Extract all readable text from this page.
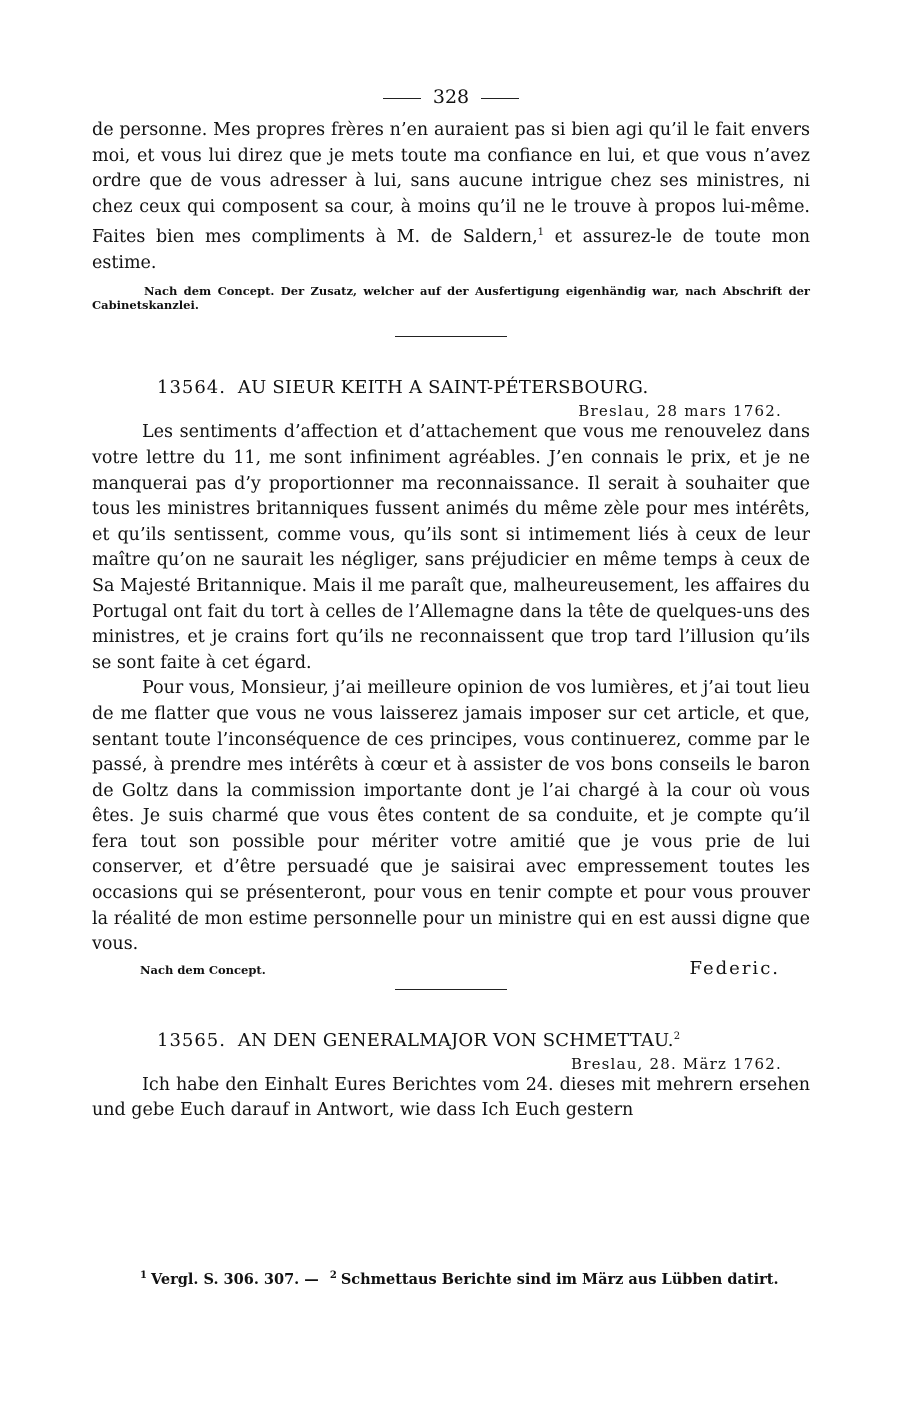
328

de personne. Mes propres frères n’en auraient pas si bien agi qu’il le fait envers moi, et vous lui direz que je mets toute ma confiance en lui, et que vous n’avez ordre que de vous adresser à lui, sans aucune intrigue chez ses ministres, ni chez ceux qui composent sa cour, à moins qu’il ne le trouve à propos lui-même. Faites bien mes compliments à M. de Saldern,$^1$ et assurez-le de toute mon estime.

Nach dem Concept. Der Zusatz, welcher auf der Ausfertigung eigenhändig war, nach Abschrift der Cabinetskanzlei.

13564. AU SIEUR KEITH A SAINT-PÉTERSBOURG.
Breslau, 28 mars 1762.

Les sentiments d’affection et d’attachement que vous me renouvelez dans votre lettre du 11, me sont infiniment agréables. J’en connais le prix, et je ne manquerai pas d’y proportionner ma reconnaissance. Il serait à souhaiter que tous les ministres britanniques fussent animés du même zèle pour mes intérêts, et qu’ils sentissent, comme vous, qu’ils sont si intimement liés à ceux de leur maître qu’on ne saurait les négliger, sans préjudicier en même temps à ceux de Sa Majesté Britannique. Mais il me paraît que, malheureusement, les affaires du Portugal ont fait du tort à celles de l’Allemagne dans la tête de quelques-uns des ministres, et je crains fort qu’ils ne reconnaissent que trop tard l’illusion qu’ils se sont faite à cet égard.

Pour vous, Monsieur, j’ai meilleure opinion de vos lumières, et j’ai tout lieu de me flatter que vous ne vous laisserez jamais imposer sur cet article, et que, sentant toute l’inconséquence de ces principes, vous continuerez, comme par le passé, à prendre mes intérêts à cœur et à assister de vos bons conseils le baron de Goltz dans la commission importante dont je l’ai chargé à la cour où vous êtes. Je suis charmé que vous êtes content de sa conduite, et je compte qu’il fera tout son possible pour mériter votre amitié que je vous prie de lui conserver, et d’être persuadé que je saisirai avec empressement toutes les occasions qui se présenteront, pour vous en tenir compte et pour vous prouver la réalité de mon estime personnelle pour un ministre qui en est aussi digne que vous.

Nach dem Concept.	Federic.
13565. AN DEN GENERALMAJOR VON SCHMETTAU.$^2$
Breslau, 28. März 1762.

Ich habe den Einhalt Eures Berichtes vom 24. dieses mit mehrern ersehen und gebe Euch darauf in Antwort, wie dass Ich Euch gestern

$^1$ Vergl. S. 306. 307. — $^2$ Schmettaus Berichte sind im März aus Lübben datirt.
